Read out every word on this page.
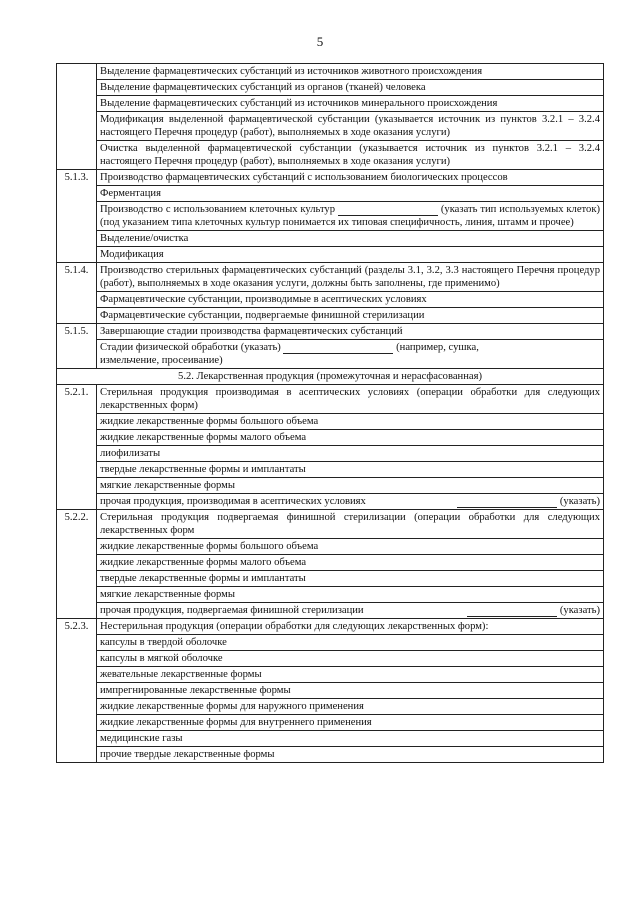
5
	Выделение фармацевтических субстанций из источников животного происхождения
	Выделение фармацевтических субстанций из органов (тканей) человека
	Выделение фармацевтических субстанций из источников минерального происхождения
	Модификация выделенной фармацевтической субстанции (указывается источник из пунктов 3.2.1 – 3.2.4 настоящего Перечня процедур (работ), выполняемых в ходе оказания услуги)
	Очистка выделенной фармацевтической субстанции (указывается источник из пунктов 3.2.1 – 3.2.4 настоящего Перечня процедур (работ), выполняемых в ходе оказания услуги)
5.1.3.	Производство фармацевтических субстанций с использованием биологических процессов
	Ферментация
	Производство с использованием клеточных культур (указать тип используемых клеток) (под указанием типа клеточных культур понимается их типовая специфичность, линия, штамм и прочее)
	Выделение/очистка
	Модификация
5.1.4.	Производство стерильных фармацевтических субстанций (разделы 3.1, 3.2, 3.3 настоящего Перечня процедур (работ), выполняемых в ходе оказания услуги, должны быть заполнены, где применимо)
	Фармацевтические субстанции, производимые в асептических условиях
	Фармацевтические субстанции, подвергаемые финишной стерилизации
5.1.5.	Завершающие стадии производства фармацевтических субстанций
	Стадии физической обработки (указать) (например, сушка,
измельчение, просеивание)
5.2. Лекарственная продукция (промежуточная и нерасфасованная)	
5.2.1.	Стерильная продукция производимая в асептических условиях (операции обработки для следующих лекарственных форм)
	жидкие лекарственные формы большого объема
	жидкие лекарственные формы малого объема
	лиофилизаты
	твердые лекарственные формы и имплантаты
	мягкие лекарственные формы

	прочая продукция, производимая в асептических условиях (указать)

5.2.2.	Стерильная продукция подвергаемая финишной стерилизации (операции обработки для следующих лекарственных форм
	жидкие лекарственные формы большого объема
	жидкие лекарственные формы малого объема
	твердые лекарственные формы и имплантаты
	мягкие лекарственные формы

	прочая продукция, подвергаемая финишной стерилизации (указать)

5.2.3.	Нестерильная продукция (операции обработки для следующих лекарственных форм):
	капсулы в твердой оболочке
	капсулы в мягкой оболочке
	жевательные лекарственные формы
	импрегнированные лекарственные формы
	жидкие лекарственные формы для наружного применения
	жидкие лекарственные формы для внутреннего применения
	медицинские газы
	прочие твердые лекарственные формы
